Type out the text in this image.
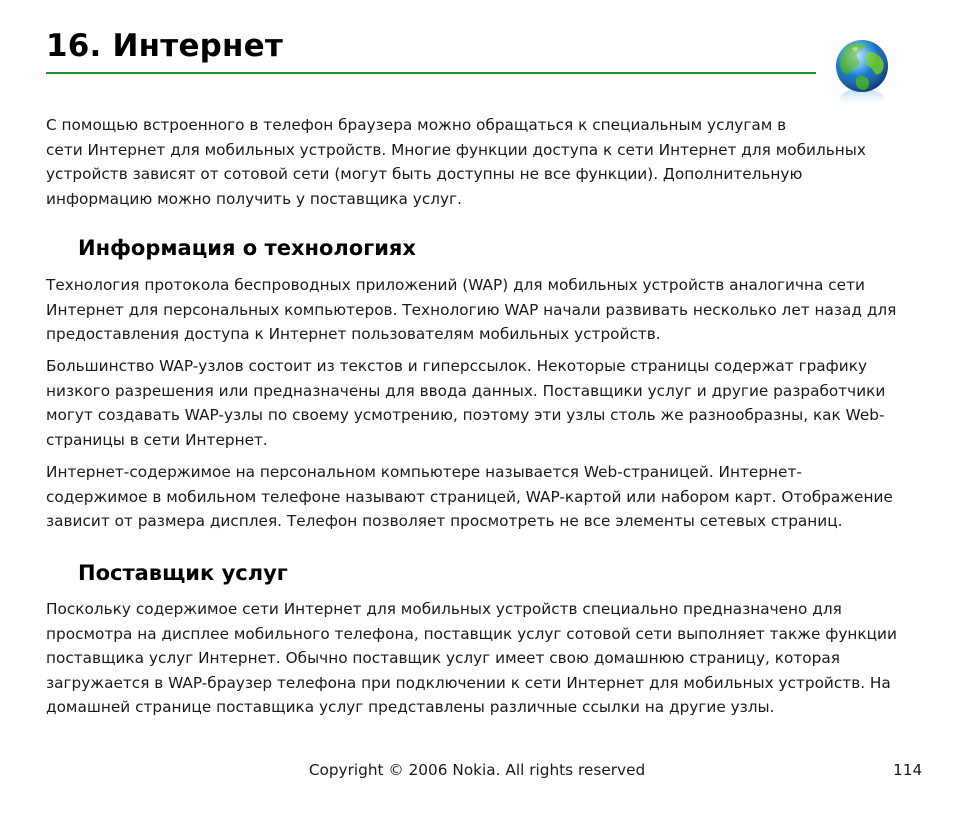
16. Интернет
С помощью встроенного в телефон браузера можно обращаться к специальным услугам в
сети Интернет для мобильных устройств. Многие функции доступа к сети Интернет для мобильных
устройств зависят от сотовой сети (могут быть доступны не все функции). Дополнительную
информацию можно получить у поставщика услуг.
Информация о технологиях
Технология протокола беспроводных приложений (WAP) для мобильных устройств аналогична сети
Интернет для персональных компьютеров. Технологию WAP начали развивать несколько лет назад для
предоставления доступа к Интернет пользователям мобильных устройств.
Большинство WAP-узлов состоит из текстов и гиперссылок. Некоторые страницы содержат графику
низкого разрешения или предназначены для ввода данных. Поставщики услуг и другие разработчики
могут создавать WAP-узлы по своему усмотрению, поэтому эти узлы столь же разнообразны, как Web-
страницы в сети Интернет.
Интернет-содержимое на персональном компьютере называется Web-страницей. Интернет-
содержимое в мобильном телефоне называют страницей, WAP-картой или набором карт. Отображение
зависит от размера дисплея. Телефон позволяет просмотреть не все элементы сетевых страниц.
Поставщик услуг
Поскольку содержимое сети Интернет для мобильных устройств специально предназначено для
просмотра на дисплее мобильного телефона, поставщик услуг сотовой сети выполняет также функции
поставщика услуг Интернет. Обычно поставщик услуг имеет свою домашнюю страницу, которая
загружается в WAP-браузер телефона при подключении к сети Интернет для мобильных устройств. На
домашней странице поставщика услуг представлены различные ссылки на другие узлы.
Copyright © 2006 Nokia. All rights reserved	114
